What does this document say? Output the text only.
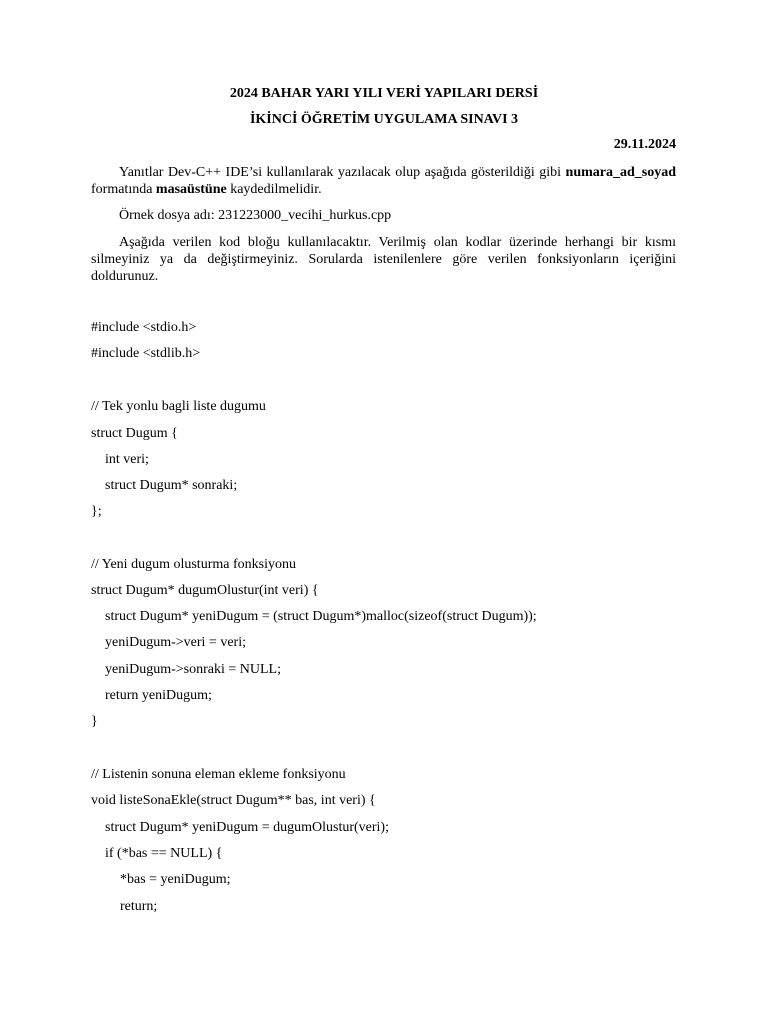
2024 BAHAR YARI YILI VERİ YAPILARI DERSİ
İKİNCİ ÖĞRETİM UYGULAMA SINAVI 3
29.11.2024

Yanıtlar Dev-C++ IDE’si kullanılarak yazılacak olup aşağıda gösterildiği gibi numara_ad_soyad formatında masaüstüne kaydedilmelidir.

Örnek dosya adı: 231223000_vecihi_hurkus.cpp

Aşağıda verilen kod bloğu kullanılacaktır. Verilmiş olan kodlar üzerinde herhangi bir kısmı silmeyiniz ya da değiştirmeyiniz. Sorularda istenilenlere göre verilen fonksiyonların içeriğini doldurunuz.

#include <stdio.h>
#include <stdlib.h>
// Tek yonlu bagli liste dugumu
struct Dugum {
int veri;
struct Dugum* sonraki;
};
// Yeni dugum olusturma fonksiyonu
struct Dugum* dugumOlustur(int veri) {
struct Dugum* yeniDugum = (struct Dugum*)malloc(sizeof(struct Dugum));
yeniDugum->veri = veri;
yeniDugum->sonraki = NULL;
return yeniDugum;
}
// Listenin sonuna eleman ekleme fonksiyonu
void listeSonaEkle(struct Dugum** bas, int veri) {
struct Dugum* yeniDugum = dugumOlustur(veri);
if (*bas == NULL) {
*bas = yeniDugum;
return;
